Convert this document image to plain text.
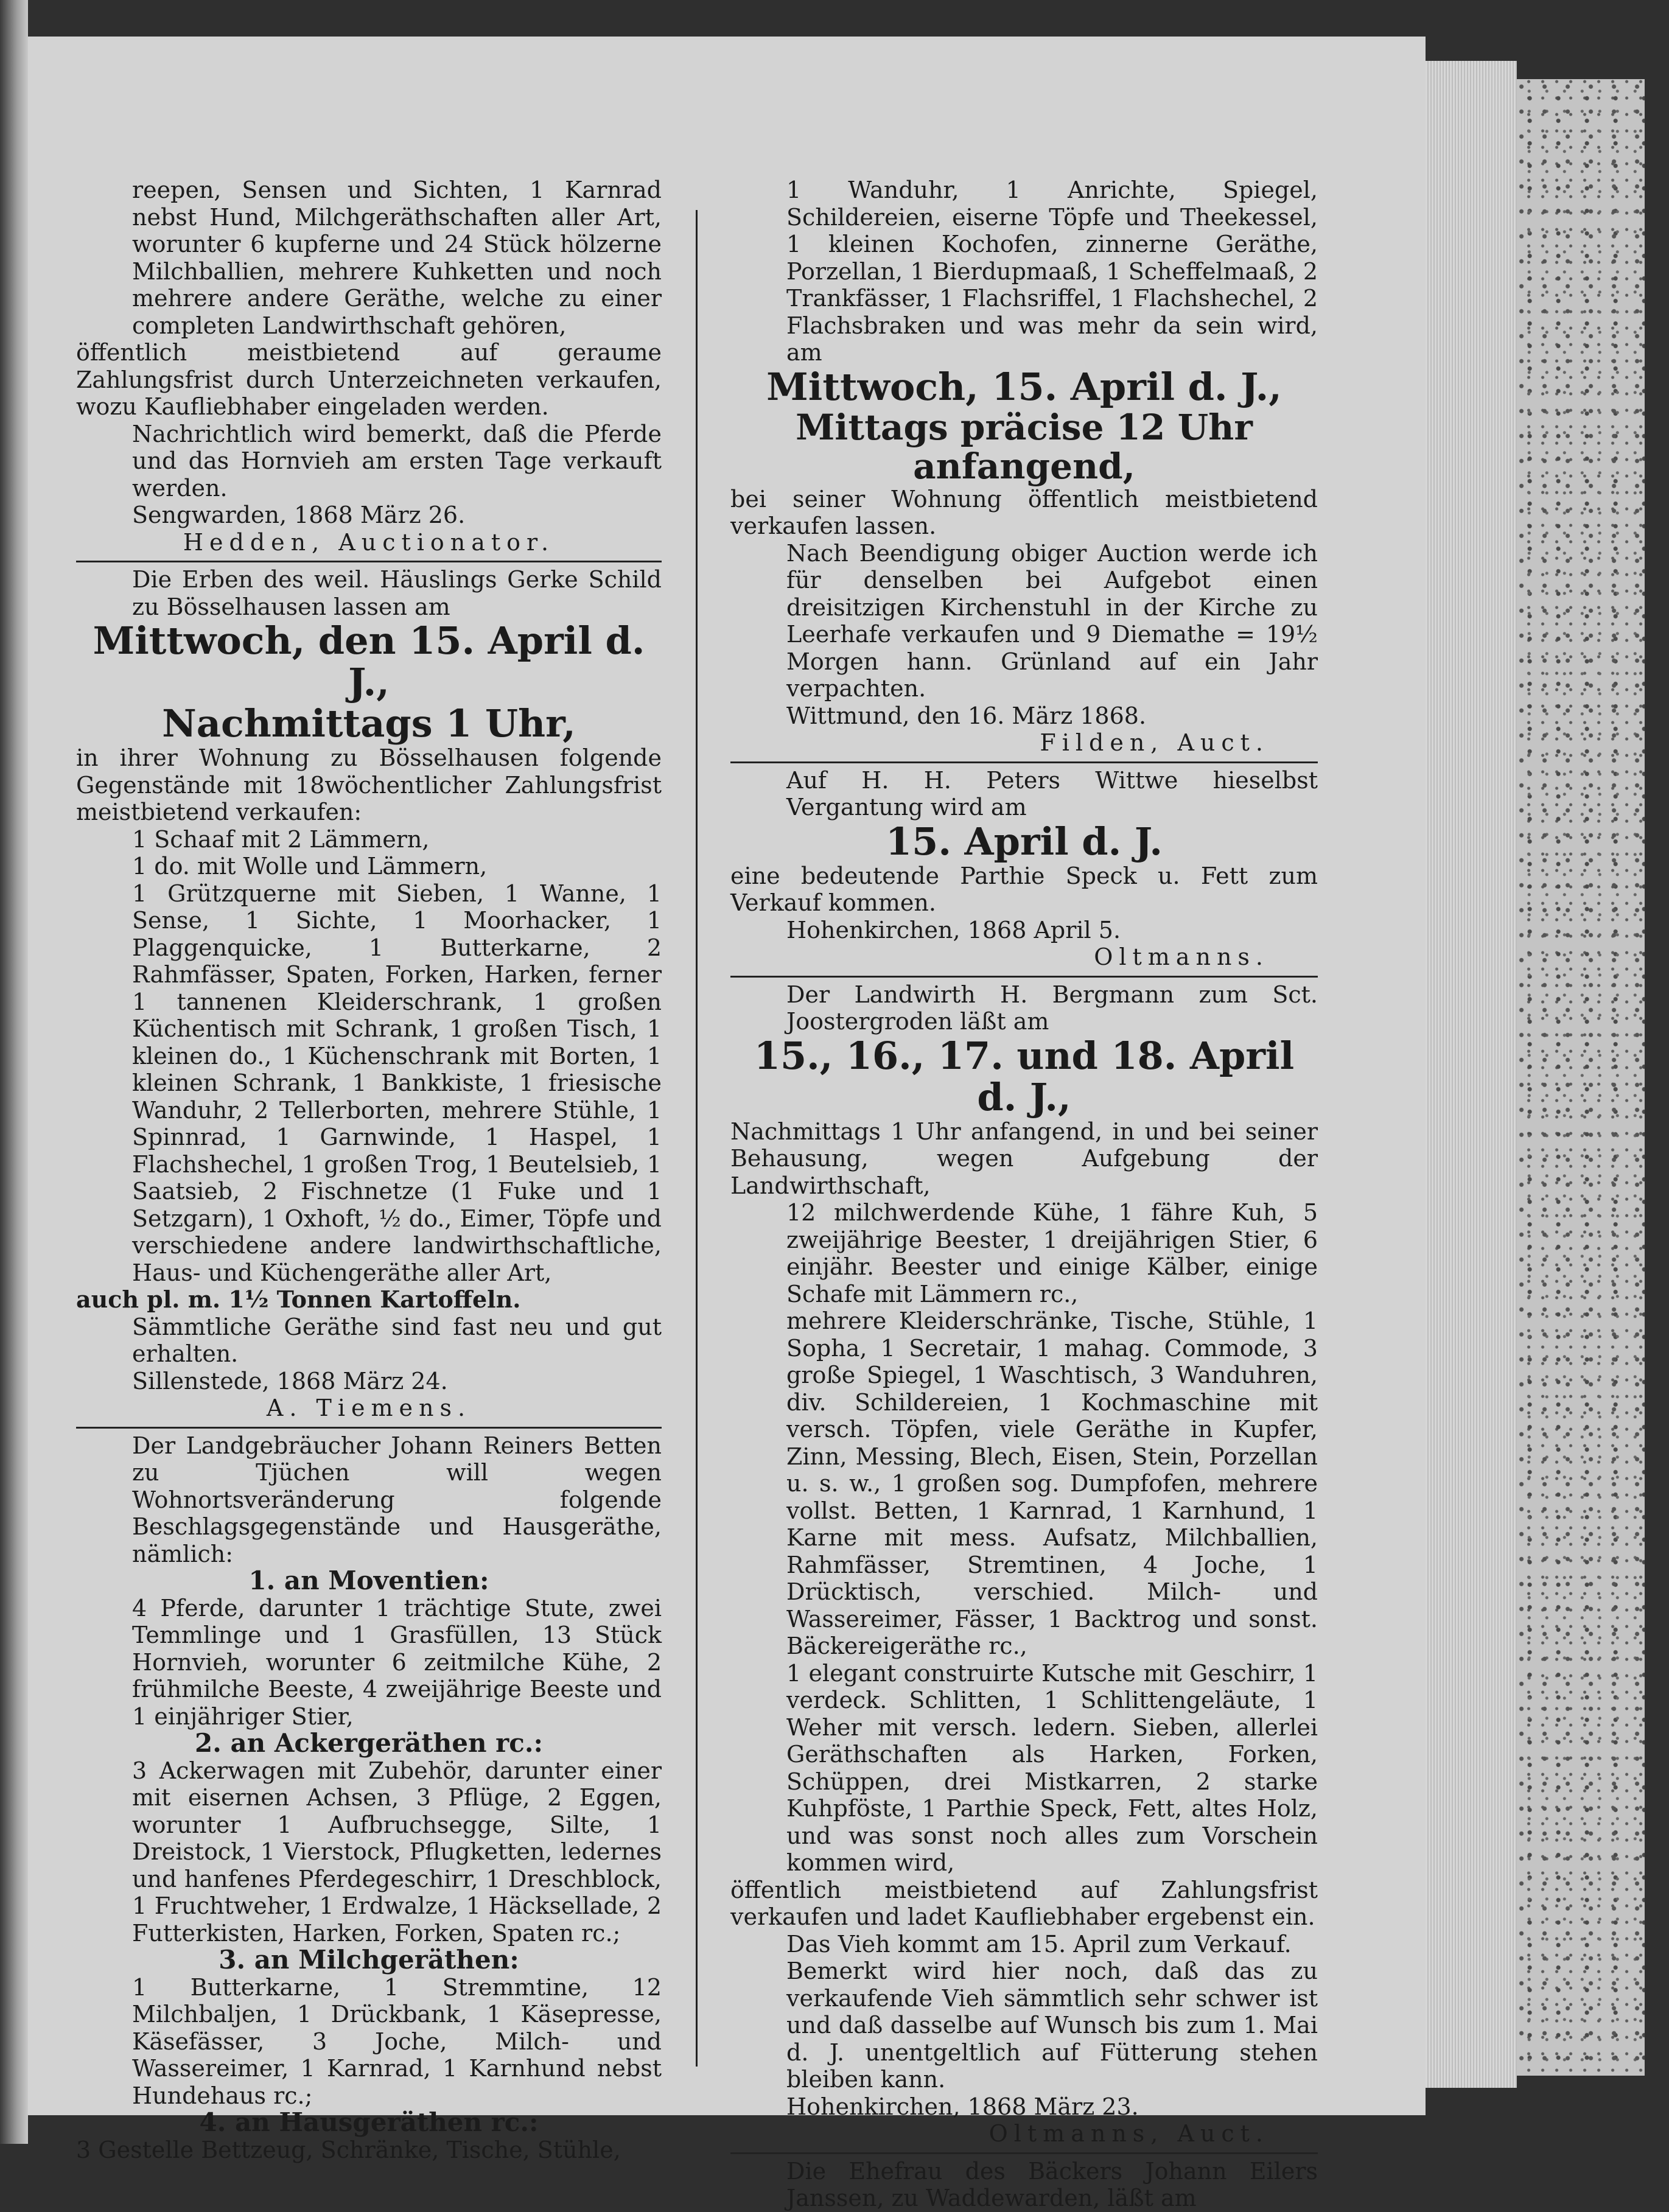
reepen, Sensen und Sichten, 1 Karnrad nebst Hund, Milchgeräthschaften aller Art, worunter 6 kupferne und 24 Stück hölzerne Milchballien, mehrere Kuhketten und noch mehrere andere Geräthe, welche zu einer completen Landwirthschaft gehören,

öffentlich meistbietend auf geraume Zahlungsfrist durch Unterzeichneten verkaufen, wozu Kaufliebhaber eingeladen werden.

Nachrichtlich wird bemerkt, daß die Pferde und das Hornvieh am ersten Tage verkauft werden.

Sengwarden, 1868 März 26.

Hedden, Auctionator.

Die Erben des weil. Häuslings Gerke Schild zu Bösselhausen lassen am

Mittwoch, den 15. April d. J.,

Nachmittags 1 Uhr,

in ihrer Wohnung zu Bösselhausen folgende Gegenstände mit 18wöchentlicher Zahlungsfrist meistbietend verkaufen:

1 Schaaf mit 2 Lämmern,

1 do. mit Wolle und Lämmern,

1 Grützquerne mit Sieben, 1 Wanne, 1 Sense, 1 Sichte, 1 Moorhacker, 1 Plaggenquicke, 1 Butterkarne, 2 Rahmfässer, Spaten, Forken, Harken, ferner 1 tannenen Kleiderschrank, 1 großen Küchentisch mit Schrank, 1 großen Tisch, 1 kleinen do., 1 Küchenschrank mit Borten, 1 kleinen Schrank, 1 Bankkiste, 1 friesische Wanduhr, 2 Tellerborten, mehrere Stühle, 1 Spinnrad, 1 Garnwinde, 1 Haspel, 1 Flachshechel, 1 großen Trog, 1 Beutelsieb, 1 Saatsieb, 2 Fischnetze (1 Fuke und 1 Setzgarn), 1 Oxhoft, ½ do., Eimer, Töpfe und verschiedene andere landwirthschaftliche, Haus- und Küchengeräthe aller Art,

auch pl. m. 1½ Tonnen Kartoffeln.

Sämmtliche Geräthe sind fast neu und gut erhalten.

Sillenstede, 1868 März 24.

A. Tiemens.

Der Landgebräucher Johann Reiners Betten zu Tjüchen will wegen Wohnortsveränderung folgende Beschlagsgegenstände und Hausgeräthe, nämlich:

1. an Moventien:

4 Pferde, darunter 1 trächtige Stute, zwei Temmlinge und 1 Grasfüllen, 13 Stück Hornvieh, worunter 6 zeitmilche Kühe, 2 frühmilche Beeste, 4 zweijährige Beeste und 1 einjähriger Stier,

2. an Ackergeräthen rc.:

3 Ackerwagen mit Zubehör, darunter einer mit eisernen Achsen, 3 Pflüge, 2 Eggen, worunter 1 Aufbruchsegge, Silte, 1 Dreistock, 1 Vierstock, Pflugketten, ledernes und hanfenes Pferdegeschirr, 1 Dreschblock, 1 Fruchtweher, 1 Erdwalze, 1 Häcksellade, 2 Futterkisten, Harken, Forken, Spaten rc.;

3. an Milchgeräthen:

1 Butterkarne, 1 Stremmtine, 12 Milchbaljen, 1 Drückbank, 1 Käsepresse, Käsefässer, 3 Joche, Milch- und Wassereimer, 1 Karnrad, 1 Karnhund nebst Hundehaus rc.;

4. an Hausgeräthen rc.:

3 Gestelle Bettzeug, Schränke, Tische, Stühle,

1 Wanduhr, 1 Anrichte, Spiegel, Schildereien, eiserne Töpfe und Theekessel, 1 kleinen Kochofen, zinnerne Geräthe, Porzellan, 1 Bierdupmaaß, 1 Scheffelmaaß, 2 Trankfässer, 1 Flachsriffel, 1 Flachshechel, 2 Flachsbraken und was mehr da sein wird, am

Mittwoch, 15. April d. J.,

Mittags präcise 12 Uhr anfangend,

bei seiner Wohnung öffentlich meistbietend verkaufen lassen.

Nach Beendigung obiger Auction werde ich für denselben bei Aufgebot einen dreisitzigen Kirchenstuhl in der Kirche zu Leerhafe verkaufen und 9 Diemathe = 19½ Morgen hann. Grünland auf ein Jahr verpachten.

Wittmund, den 16. März 1868.

Filden, Auct.

Auf H. H. Peters Wittwe hieselbst Vergantung wird am

15. April d. J.

eine bedeutende Parthie Speck u. Fett zum Verkauf kommen.

Hohenkirchen, 1868 April 5.

Oltmanns.

Der Landwirth H. Bergmann zum Sct. Joostergroden läßt am

15., 16., 17. und 18. April d. J.,

Nachmittags 1 Uhr anfangend, in und bei seiner Behausung, wegen Aufgebung der Landwirthschaft,

12 milchwerdende Kühe, 1 fähre Kuh, 5 zweijährige Beester, 1 dreijährigen Stier, 6 einjähr. Beester und einige Kälber, einige Schafe mit Lämmern rc.,

mehrere Kleiderschränke, Tische, Stühle, 1 Sopha, 1 Secretair, 1 mahag. Commode, 3 große Spiegel, 1 Waschtisch, 3 Wanduhren, div. Schildereien, 1 Kochmaschine mit versch. Töpfen, viele Geräthe in Kupfer, Zinn, Messing, Blech, Eisen, Stein, Porzellan u. s. w., 1 großen sog. Dumpfofen, mehrere vollst. Betten, 1 Karnrad, 1 Karnhund, 1 Karne mit mess. Aufsatz, Milchballien, Rahmfässer, Stremtinen, 4 Joche, 1 Drücktisch, verschied. Milch- und Wassereimer, Fässer, 1 Backtrog und sonst. Bäckereigeräthe rc.,

1 elegant construirte Kutsche mit Geschirr, 1 verdeck. Schlitten, 1 Schlittengeläute, 1 Weher mit versch. ledern. Sieben, allerlei Geräthschaften als Harken, Forken, Schüppen, drei Mistkarren, 2 starke Kuhpföste, 1 Parthie Speck, Fett, altes Holz, und was sonst noch alles zum Vorschein kommen wird,

öffentlich meistbietend auf Zahlungsfrist verkaufen und ladet Kaufliebhaber ergebenst ein.

Das Vieh kommt am 15. April zum Verkauf.

Bemerkt wird hier noch, daß das zu verkaufende Vieh sämmtlich sehr schwer ist und daß dasselbe auf Wunsch bis zum 1. Mai d. J. unentgeltlich auf Fütterung stehen bleiben kann.

Hohenkirchen, 1868 März 23.

Oltmanns, Auct.

Die Ehefrau des Bäckers Johann Eilers Janssen, zu Waddewarden, läßt am
